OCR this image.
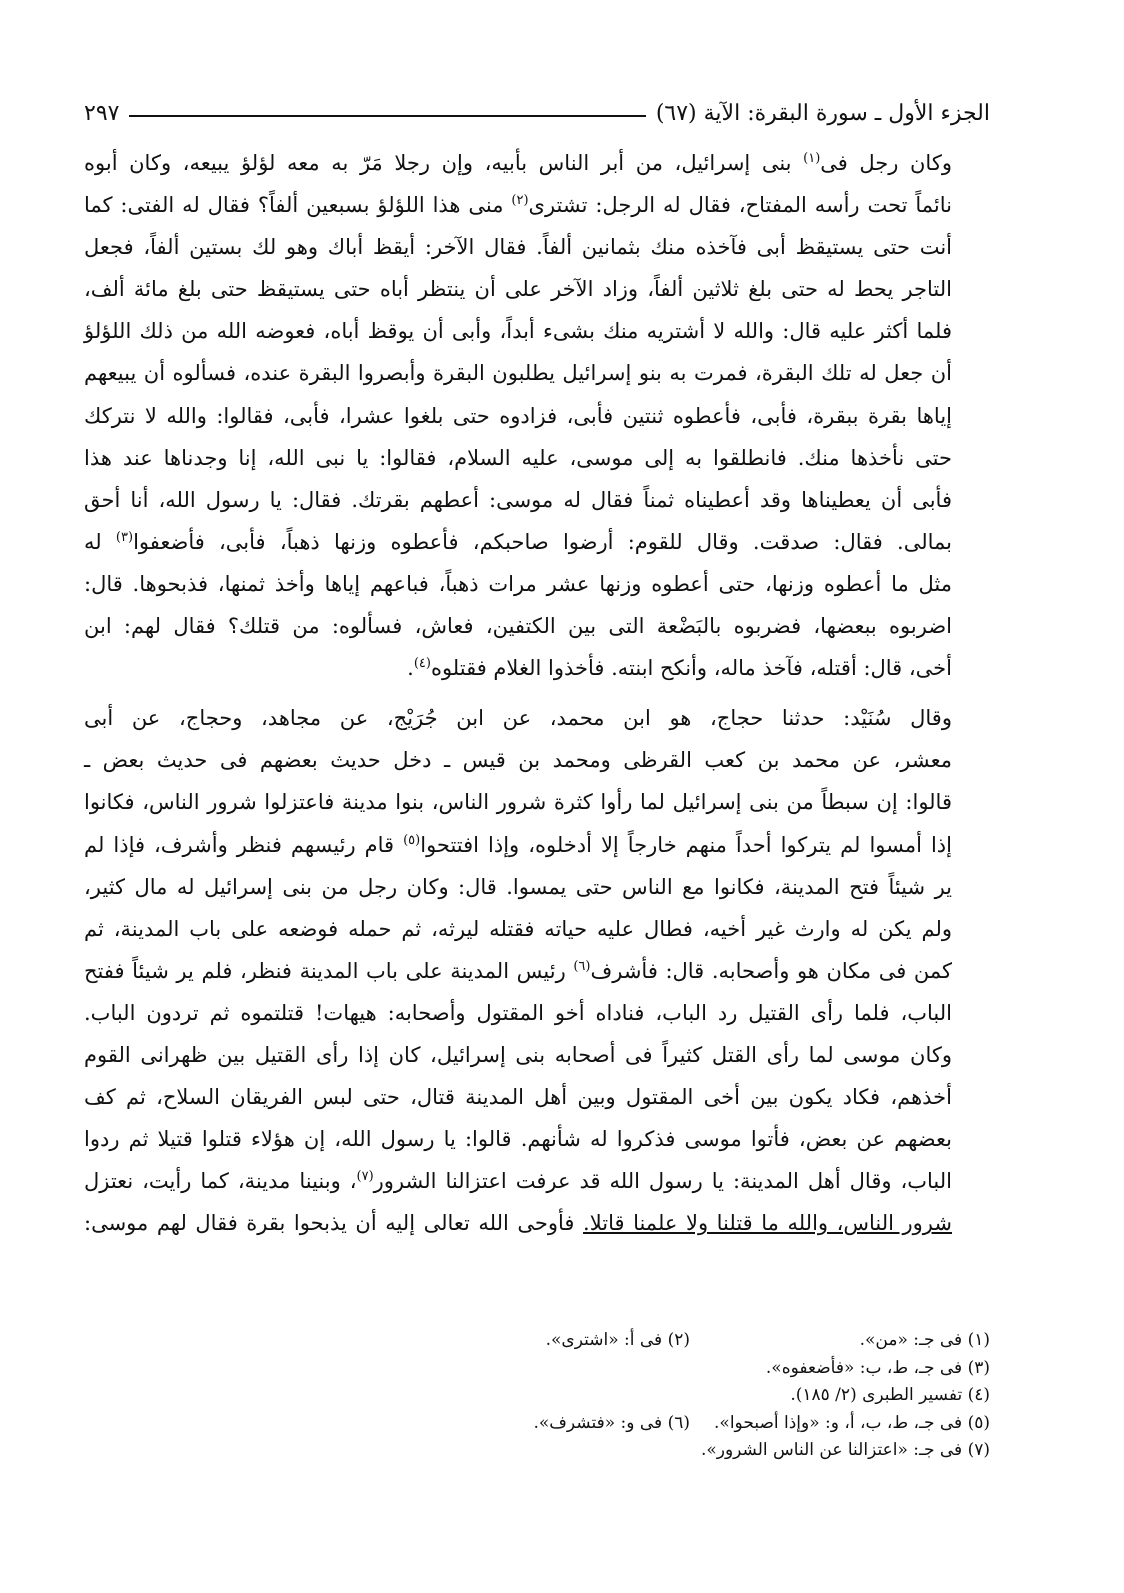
الجزء الأول ـ سورة البقرة: الآية (٦٧)
٢٩٧
وكان رجل فى$^{(١)}$ بنى إسرائيل، من أبر الناس بأبيه، وإن رجلا مَرّ به معه لؤلؤ يبيعه، وكان أبوه
نائماً تحت رأسه المفتاح، فقال له الرجل: تشترى$^{(٢)}$ منى هذا اللؤلؤ بسبعين ألفاً؟ فقال له الفتى: كما
أنت حتى يستيقظ أبى فآخذه منك بثمانين ألفاً. فقال الآخر: أيقظ أباك وهو لك بستين ألفاً، فجعل
التاجر يحط له حتى بلغ ثلاثين ألفاً، وزاد الآخر على أن ينتظر أباه حتى يستيقظ حتى بلغ مائة ألف،
فلما أكثر عليه قال: والله لا أشتريه منك بشىء أبداً، وأبى أن يوقظ أباه، فعوضه الله من ذلك اللؤلؤ
أن جعل له تلك البقرة، فمرت به بنو إسرائيل يطلبون البقرة وأبصروا البقرة عنده، فسألوه أن يبيعهم
إياها بقرة ببقرة، فأبى، فأعطوه ثنتين فأبى، فزادوه حتى بلغوا عشرا، فأبى، فقالوا: والله لا نتركك
حتى نأخذها منك. فانطلقوا به إلى موسى، عليه السلام، فقالوا: يا نبى الله، إنا وجدناها عند هذا
فأبى أن يعطيناها وقد أعطيناه ثمناً فقال له موسى: أعطهم بقرتك. فقال: يا رسول الله، أنا أحق
بمالى. فقال: صدقت. وقال للقوم: أرضوا صاحبكم، فأعطوه وزنها ذهباً، فأبى، فأضعفوا$^{(٣)}$ له
مثل ما أعطوه وزنها، حتى أعطوه وزنها عشر مرات ذهباً، فباعهم إياها وأخذ ثمنها، فذبحوها. قال:
اضربوه ببعضها، فضربوه بالبَضْعة التى بين الكتفين، فعاش، فسألوه: من قتلك؟ فقال لهم: ابن
أخى، قال: أقتله، فآخذ ماله، وأنكح ابنته. فأخذوا الغلام فقتلوه$^{(٤)}$.
وقال سُنَيْد: حدثنا حجاج، هو ابن محمد، عن ابن جُرَيْج، عن مجاهد، وحجاج، عن أبى
معشر، عن محمد بن كعب القرظى ومحمد بن قيس ـ دخل حديث بعضهم فى حديث بعض ـ
قالوا: إن سبطاً من بنى إسرائيل لما رأوا كثرة شرور الناس، بنوا مدينة فاعتزلوا شرور الناس، فكانوا
إذا أمسوا لم يتركوا أحداً منهم خارجاً إلا أدخلوه، وإذا افتتحوا$^{(٥)}$ قام رئيسهم فنظر وأشرف، فإذا لم
ير شيئاً فتح المدينة، فكانوا مع الناس حتى يمسوا. قال: وكان رجل من بنى إسرائيل له مال كثير،
ولم يكن له وارث غير أخيه، فطال عليه حياته فقتله ليرثه، ثم حمله فوضعه على باب المدينة، ثم
كمن فى مكان هو وأصحابه. قال: فأشرف$^{(٦)}$ رئيس المدينة على باب المدينة فنظر، فلم ير شيئاً ففتح
الباب، فلما رأى القتيل رد الباب، فناداه أخو المقتول وأصحابه: هيهات! قتلتموه ثم تردون الباب.
وكان موسى لما رأى القتل كثيراً فى أصحابه بنى إسرائيل، كان إذا رأى القتيل بين ظهرانى القوم
أخذهم، فكاد يكون بين أخى المقتول وبين أهل المدينة قتال، حتى لبس الفريقان السلاح، ثم كف
بعضهم عن بعض، فأتوا موسى فذكروا له شأنهم. قالوا: يا رسول الله، إن هؤلاء قتلوا قتيلا ثم ردوا
الباب، وقال أهل المدينة: يا رسول الله قد عرفت اعتزالنا الشرور$^{(٧)}$، وبنينا مدينة، كما رأيت، نعتزل
شرور الناس، والله ما قتلنا ولا علمنا قاتلا. فأوحى الله تعالى إليه أن يذبحوا بقرة فقال لهم موسى:
(١) فى جـ: «من».
(٢) فى أ: «اشترى».
(٣) فى جـ، ط، ب: «فأضعفوه».
(٤) تفسير الطبرى (٢/ ١٨٥).
(٥) فى جـ، ط، ب، أ، و: «وإذا أصبحوا».
(٦) فى و: «فتشرف».
(٧) فى جـ: «اعتزالنا عن الناس الشرور».
